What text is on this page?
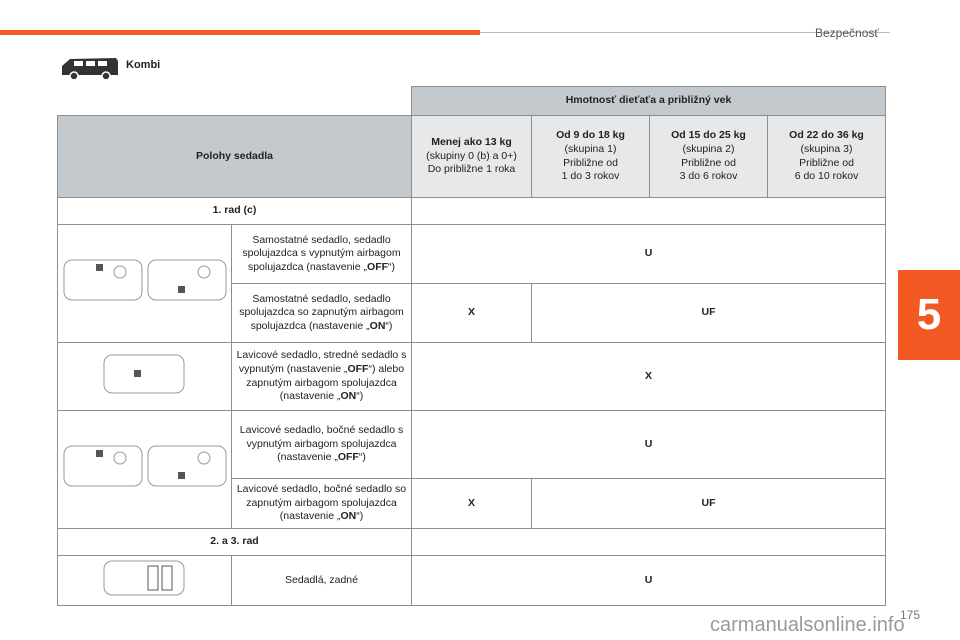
Bezpečnosť
5
175
carmanualsonline.info
Kombi
		Hmotnosť dieťaťa a približný vek			
Polohy sedadla		Menej ako 13 kg
(skupiny 0 (b) a 0+)
Do približne 1 roka	Od 9 do 18 kg
(skupina 1)
Približne od
1 do 3 rokov	Od 15 do 25 kg
(skupina 2)
Približne od
3 do 6 rokov	Od 22 do 36 kg
(skupina 3)
Približne od
6 do 10 rokov
1. rad (c)					
	Samostatné sedadlo, sedadlo spolujazdca s vypnutým airbagom spolujazdca (nastavenie „OFF“)	U			
	Samostatné sedadlo, sedadlo spolujazdca so zapnutým airbagom spolujazdca (nastavenie „ON“)	X	UF		
	Lavicové sedadlo, stredné sedadlo s vypnutým (nastavenie „OFF“) alebo zapnutým airbagom spolujazdca (nastavenie „ON“)	X			
	Lavicové sedadlo, bočné sedadlo s vypnutým airbagom spolujazdca (nastavenie „OFF“)	U			
	Lavicové sedadlo, bočné sedadlo so zapnutým airbagom spolujazdca (nastavenie „ON“)	X	UF		
2. a 3. rad					
	Sedadlá, zadné	U			
